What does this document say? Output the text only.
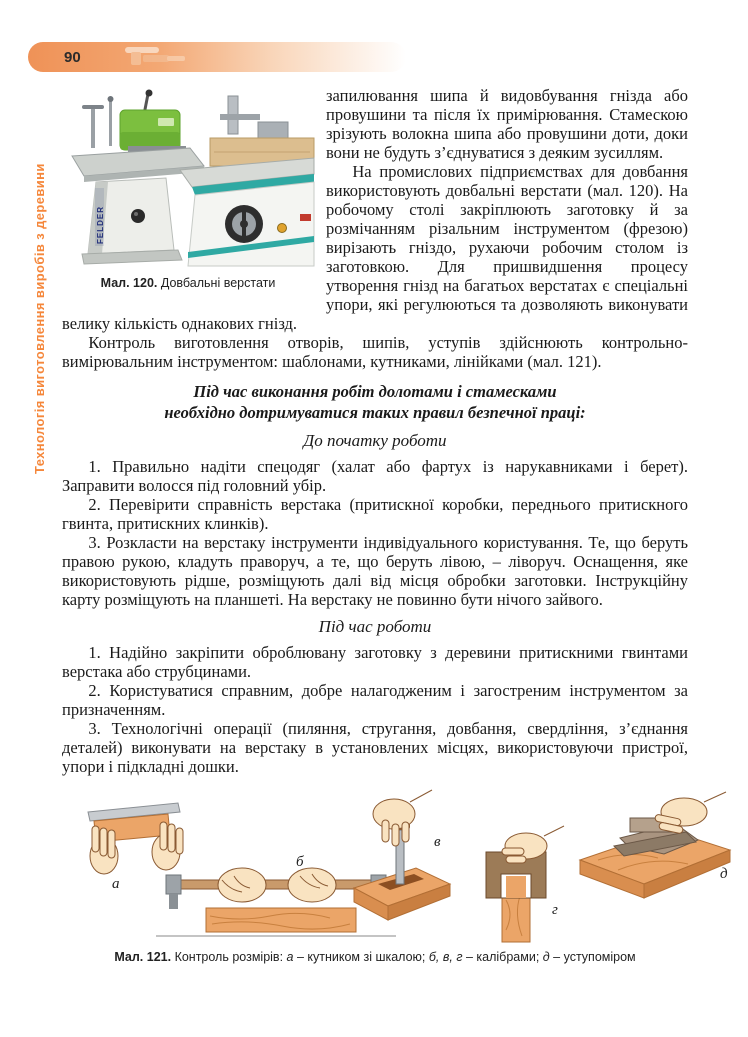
90
Технологія виготовлення виробів з деревини	FELDER
Мал. 120. Довбальні верстати

запилювання шипа й видовбування гнізда або провушини та після їх примірювання. Стамескою зрізують волокна шипа або провушини доти, доки вони не будуть з’єднуватися з деяким зусиллям.

На промислових підприємствах для довбання використовують довбальні верстати (мал. 120). На робочому столі закріплюють заготовку й за розмічанням різальним інструментом (фрезою) вирізають гніздо, рухаючи робочим столом із заготовкою. Для пришвидшення процесу утворення гнізд на багатьох верстатах є спеціальні упори, які регулюються та дозволяють виконувати велику кількість однакових гнізд.

Контроль виготовлення отворів, шипів, уступів здійснюють контрольно-вимірювальним інструментом: шаблонами, кутниками, лінійками (мал. 121).

Під час виконання робіт долотами і стамесками
необхідно дотримуватися таких правил безпечної праці:
До початку роботи

1. Правильно надіти спецодяг (халат або фартух із нарукавниками і берет). Заправити волосся під головний убір.

2. Перевірити справність верстака (притискної коробки, переднього притискного гвинта, притискних клинків).

3. Розкласти на верстаку інструменти індивідуального користування. Те, що беруть правою рукою, кладуть праворуч, а те, що беруть лівою, – ліворуч. Оснащення, яке використовують рідше, розміщують далі від місця обробки заготовки. Інструкційну карту розміщують на планшеті. На верстаку не повинно бути нічого зайвого.

Під час роботи

1. Надійно закріпити оброблювану заготовку з деревини притискними гвинтами верстака або струбцинами.

2. Користуватися справним, добре налагодженим і загостреним інструментом за призначенням.

3. Технологічні операції (пиляння, стругання, довбання, свердління, з’єднання деталей) виконувати на верстаку в установлених місцях, використовуючи пристрої, упори і підкладні дошки.

а
б
в
г
д
Мал. 121. Контроль розмірів: а – кутником зі шкалою; б, в, г – калібрами; д – уступоміром
